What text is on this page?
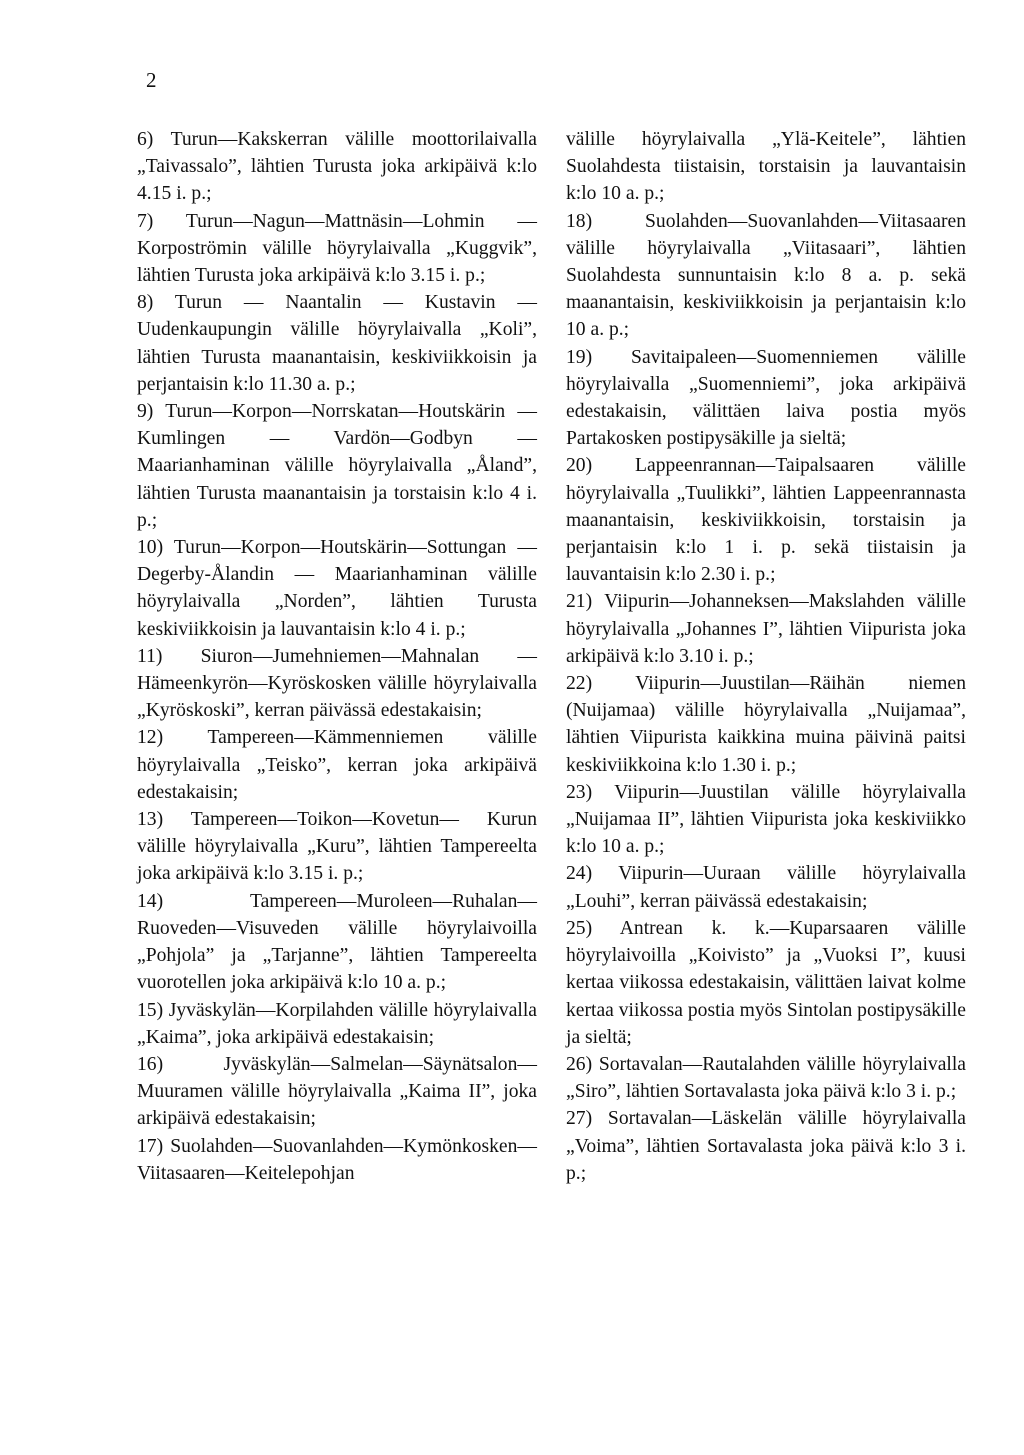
2

6) Turun—Kakskerran välille moottorilaivalla „Taivassalo”, lähtien Turusta joka arkipäivä k:lo 4.15 i. p.;

7) Turun—Nagun—Mattnäsin—Lohmin —Korpoströmin välille höyrylaivalla „Kuggvik”, lähtien Turusta joka arkipäivä k:lo 3.15 i. p.;

8) Turun — Naantalin — Kustavin — Uudenkaupungin välille höyrylaivalla „Koli”, lähtien Turusta maanantaisin, keskiviikkoisin ja perjantaisin k:lo 11.30 a. p.;

9) Turun—Korpon—Norrskatan—Houtskärin — Kumlingen — Vardön—Godbyn —Maarianhaminan välille höyrylaivalla „Åland”, lähtien Turusta maanantaisin ja torstaisin k:lo 4 i. p.;

10) Turun—Korpon—Houtskärin—Sottungan — Degerby-Ålandin — Maarianhaminan välille höyrylaivalla „Norden”, lähtien Turusta keskiviikkoisin ja lauvantaisin k:lo 4 i. p.;

11) Siuron—Jumehniemen—Mahnalan —Hämeenkyrön—Kyröskosken välille höyrylaivalla „Kyröskoski”, kerran päivässä edestakaisin;

12) Tampereen—Kämmenniemen välille höyrylaivalla „Teisko”, kerran joka arkipäivä edestakaisin;

13) Tampereen—Toikon—Kovetun— Kurun välille höyrylaivalla „Kuru”, lähtien Tampereelta joka arkipäivä k:lo 3.15 i. p.;

14) Tampereen—Muroleen—Ruhalan— Ruoveden—Visuveden välille höyrylaivoilla „Pohjola” ja „Tarjanne”, lähtien Tampereelta vuorotellen joka arkipäivä k:lo 10 a. p.;

15) Jyväskylän—Korpilahden välille höyrylaivalla „Kaima”, joka arkipäivä edestakaisin;

16) Jyväskylän—Salmelan—Säynätsalon—Muuramen välille höyrylaivalla „Kaima II”, joka arkipäivä edestakaisin;

17) Suolahden—Suovanlahden—Kymönkosken—Viitasaaren—Keitelepohjan

välille höyrylaivalla „Ylä-Keitele”, lähtien Suolahdesta tiistaisin, torstaisin ja lauvantaisin k:lo 10 a. p.;

18) Suolahden—Suovanlahden—Viitasaaren välille höyrylaivalla „Viitasaari”, lähtien Suolahdesta sunnuntaisin k:lo 8 a. p. sekä maanantaisin, keskiviikkoisin ja perjantaisin k:lo 10 a. p.;

19) Savitaipaleen—Suomenniemen välille höyrylaivalla „Suomenniemi”, joka arkipäivä edestakaisin, välittäen laiva postia myös Partakosken postipysäkille ja sieltä;

20) Lappeenrannan—Taipalsaaren välille höyrylaivalla „Tuulikki”, lähtien Lappeenrannasta maanantaisin, keskiviikkoisin, torstaisin ja perjantaisin k:lo 1 i. p. sekä tiistaisin ja lauvantaisin k:lo 2.30 i. p.;

21) Viipurin—Johanneksen—Makslahden välille höyrylaivalla „Johannes I”, lähtien Viipurista joka arkipäivä k:lo 3.10 i. p.;

22) Viipurin—Juustilan—Räihän niemen (Nuijamaa) välille höyrylaivalla „Nuijamaa”, lähtien Viipurista kaikkina muina päivinä paitsi keskiviikkoina k:lo 1.30 i. p.;

23) Viipurin—Juustilan välille höyrylaivalla „Nuijamaa II”, lähtien Viipurista joka keskiviikko k:lo 10 a. p.;

24) Viipurin—Uuraan välille höyrylaivalla „Louhi”, kerran päivässä edestakaisin;

25) Antrean k. k.—Kuparsaaren välille höyrylaivoilla „Koivisto” ja „Vuoksi I”, kuusi kertaa viikossa edestakaisin, välittäen laivat kolme kertaa viikossa postia myös Sintolan postipysäkille ja sieltä;

26) Sortavalan—Rautalahden välille höyrylaivalla „Siro”, lähtien Sortavalasta joka päivä k:lo 3 i. p.;

27) Sortavalan—Läskelän välille höyrylaivalla „Voima”, lähtien Sortavalasta joka päivä k:lo 3 i. p.;
